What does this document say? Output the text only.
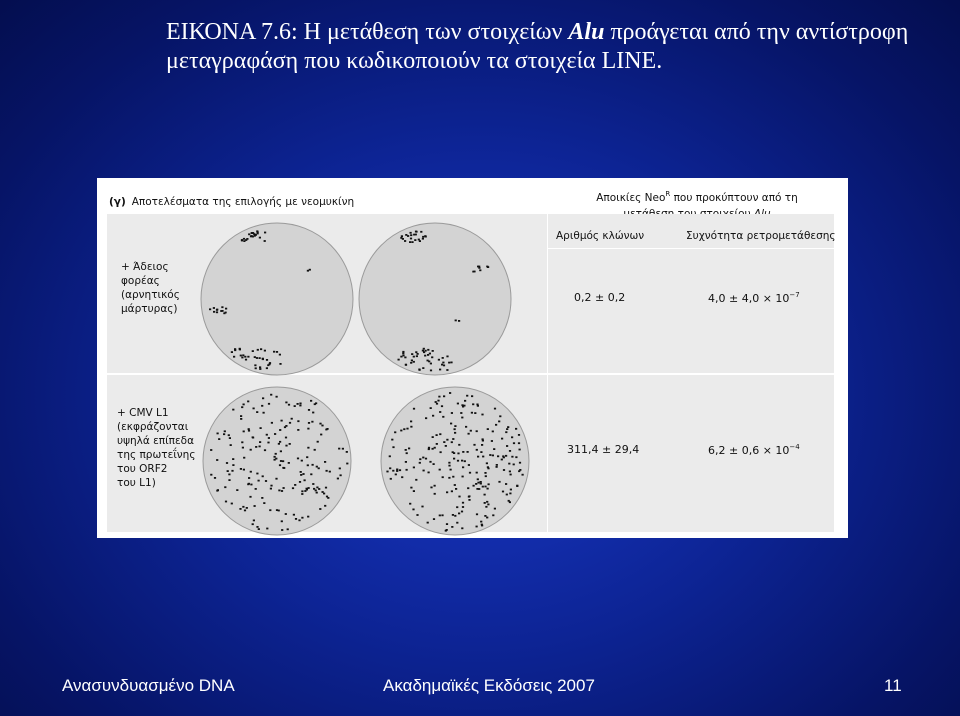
ΕΙΚΟΝΑ 7.6: Η μετάθεση των στοιχείων Alu προάγεται από την αντίστροφη μεταγραφάση που κωδικοποιούν τα στοιχεία LINE.
(γ) Αποτελέσματα της επιλογής με νεομυκίνη	Αποικίες Neo$^R$ που προκύπτουν από τη
Αριθμός κλώνων	Συχνότητα ρετρομετάθεσης
+ Άδειος
φορέας
(αρνητικός
μάρτυρας)
0,2 ± 0,2	$4,0 \pm 4,0 \times 10^{-7}$
+ CMV L1
(εκφράζονται
υψηλά επίπεδα
της πρωτεΐνης
του ORF2
του L1)
311,4 ± 29,4	$6,2 \pm 0,6 \times 10^{-4}$
Ανασυνδυασμένο DNA	Ακαδημαϊκές Εκδόσεις 2007	11
